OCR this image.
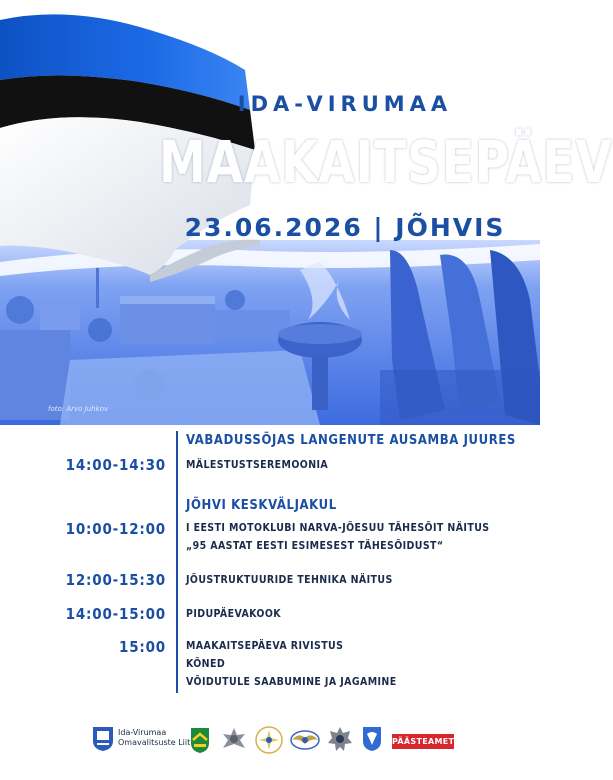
IDA-VIRUMAA
MAAKAITSEPÄEV
23.06.2026 | JÕHVIS
foto: Arvo Juhkov
VABADUSSÕJAS LANGENUTE AUSAMBA JUURES
14:00-14:30 MÄLESTUSTSEREMOONIA
JÕHVI KESKVÄLJAKUL
10:00-12:00 I EESTI MOTOKLUBI NARVA-JÕESUU TÄHESÕIT NÄITUS
„95 AASTAT EESTI ESIMESEST TÄHESÕIDUST“
12:00-15:30 JÕUSTRUKTUURIDE TEHNIKA NÄITUS
14:00-15:00 PIDUPÄEVAKOOK
15:00 MAAKAITSEPÄEVA RIVISTUS
KÕNED
VÕIDUTULE SAABUMINE JA JAGAMINE
Ida-Virumaa
Omavalitsuste Liit	PÄÄSTEAMET
